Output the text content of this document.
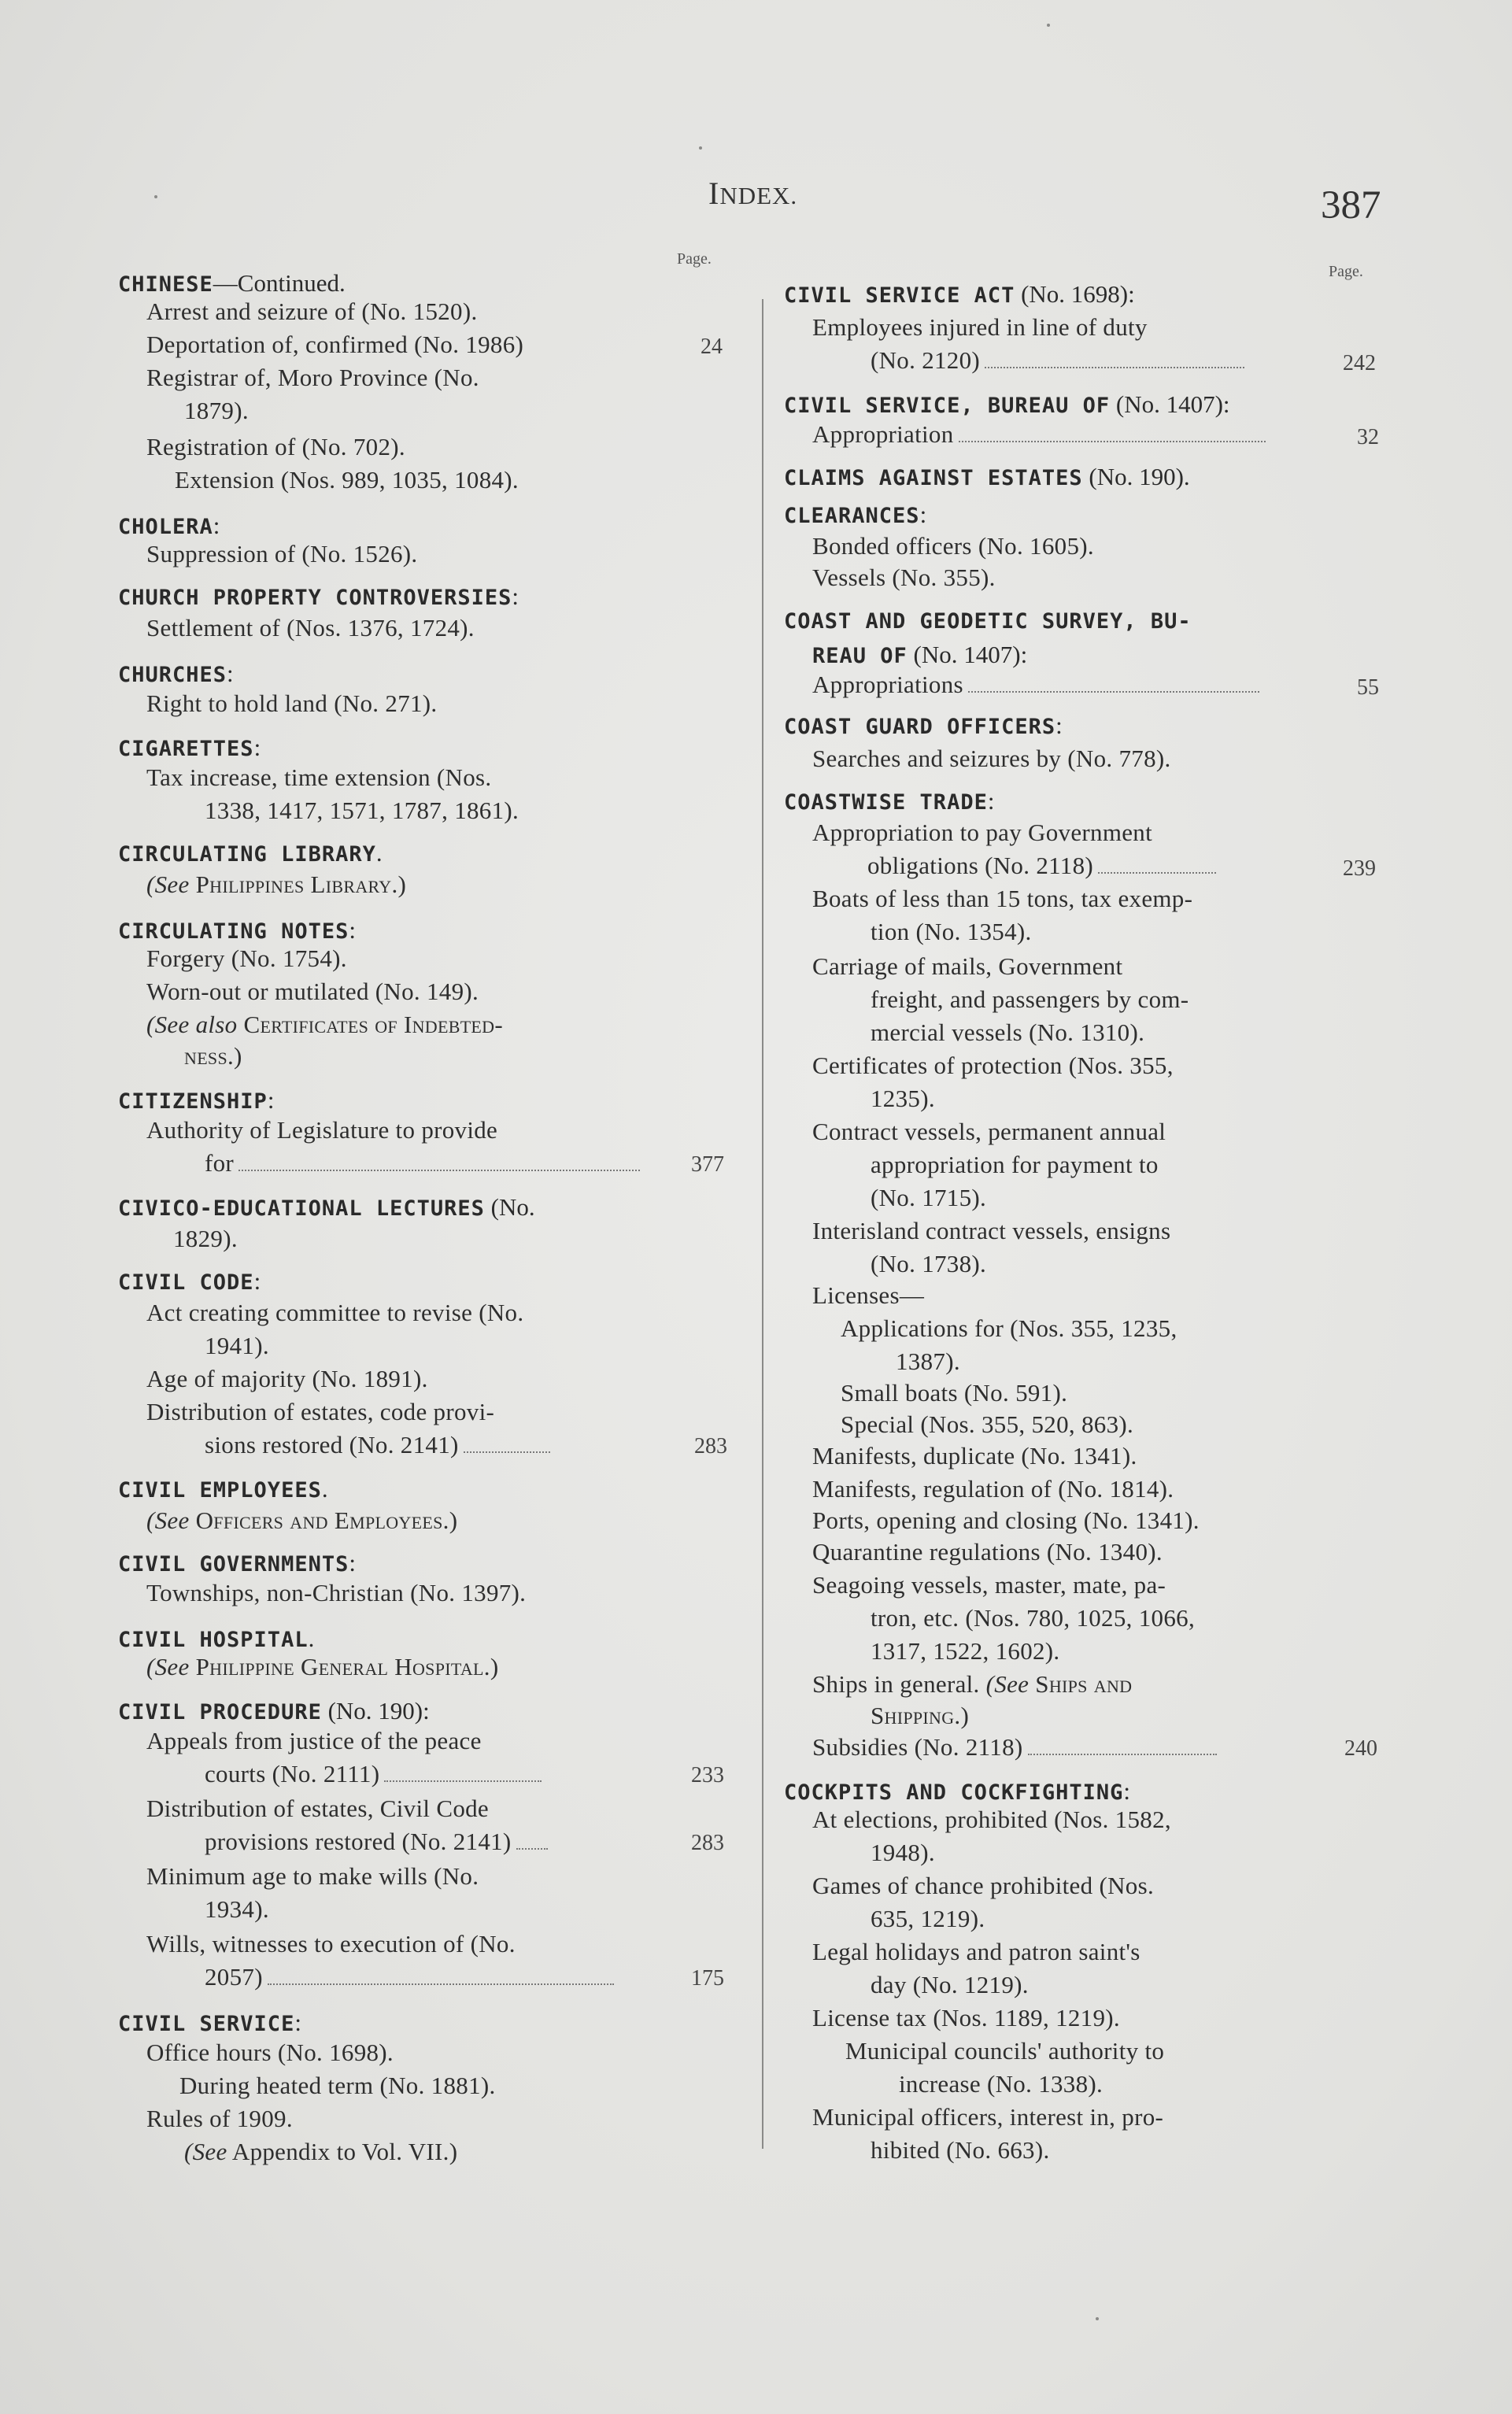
INDEX.	387
Page.
Page.
CHINESE—Continued.
Arrest and seizure of (No. 1520).
Deportation of, confirmed (No. 1986)	24
Registrar of, Moro Province (No.
1879).
Registration of (No. 702).
Extension (Nos. 989, 1035, 1084).
CHOLERA:
Suppression of (No. 1526).
CHURCH PROPERTY CONTROVERSIES:
Settlement of (Nos. 1376, 1724).
CHURCHES:
Right to hold land (No. 271).
CIGARETTES:
Tax increase, time extension (Nos.
1338, 1417, 1571, 1787, 1861).
CIRCULATING LIBRARY.
(See Philippines Library.)
CIRCULATING NOTES:
Forgery (No. 1754).
Worn-out or mutilated (No. 149).
(See also Certificates of Indebted-
ness.)
CITIZENSHIP:
Authority of Legislature to provide
for	377
CIVICO-EDUCATIONAL LECTURES (No.
1829).
CIVIL CODE:
Act creating committee to revise (No.
1941).
Age of majority (No. 1891).
Distribution of estates, code provi-
sions restored (No. 2141)	283
CIVIL EMPLOYEES.
(See Officers and Employees.)
CIVIL GOVERNMENTS:
Townships, non-Christian (No. 1397).
CIVIL HOSPITAL.
(See Philippine General Hospital.)
CIVIL PROCEDURE (No. 190):
Appeals from justice of the peace
courts (No. 2111)	233
Distribution of estates, Civil Code
provisions restored (No. 2141)	283
Minimum age to make wills (No.
1934).
Wills, witnesses to execution of (No.
2057)	175
CIVIL SERVICE:
Office hours (No. 1698).
During heated term (No. 1881).
Rules of 1909.
(See Appendix to Vol. VII.)
CIVIL SERVICE ACT (No. 1698):
Employees injured in line of duty
(No. 2120)	242
CIVIL SERVICE, BUREAU OF (No. 1407):
Appropriation	32
CLAIMS AGAINST ESTATES (No. 190).
CLEARANCES:
Bonded officers (No. 1605).
Vessels (No. 355).
COAST AND GEODETIC SURVEY, BU-
REAU OF (No. 1407):
Appropriations	55
COAST GUARD OFFICERS:
Searches and seizures by (No. 778).
COASTWISE TRADE:
Appropriation to pay Government
obligations (No. 2118)	239
Boats of less than 15 tons, tax exemp-
tion (No. 1354).
Carriage of mails, Government
freight, and passengers by com-
mercial vessels (No. 1310).
Certificates of protection (Nos. 355,
1235).
Contract vessels, permanent annual
appropriation for payment to
(No. 1715).
Interisland contract vessels, ensigns
(No. 1738).
Licenses—
Applications for (Nos. 355, 1235,
1387).
Small boats (No. 591).
Special (Nos. 355, 520, 863).
Manifests, duplicate (No. 1341).
Manifests, regulation of (No. 1814).
Ports, opening and closing (No. 1341).
Quarantine regulations (No. 1340).
Seagoing vessels, master, mate, pa-
tron, etc. (Nos. 780, 1025, 1066,
1317, 1522, 1602).
Ships in general. (See Ships and
Shipping.)
Subsidies (No. 2118)	240
COCKPITS AND COCKFIGHTING:
At elections, prohibited (Nos. 1582,
1948).
Games of chance prohibited (Nos.
635, 1219).
Legal holidays and patron saint's
day (No. 1219).
License tax (Nos. 1189, 1219).
Municipal councils' authority to
increase (No. 1338).
Municipal officers, interest in, pro-
hibited (No. 663).
